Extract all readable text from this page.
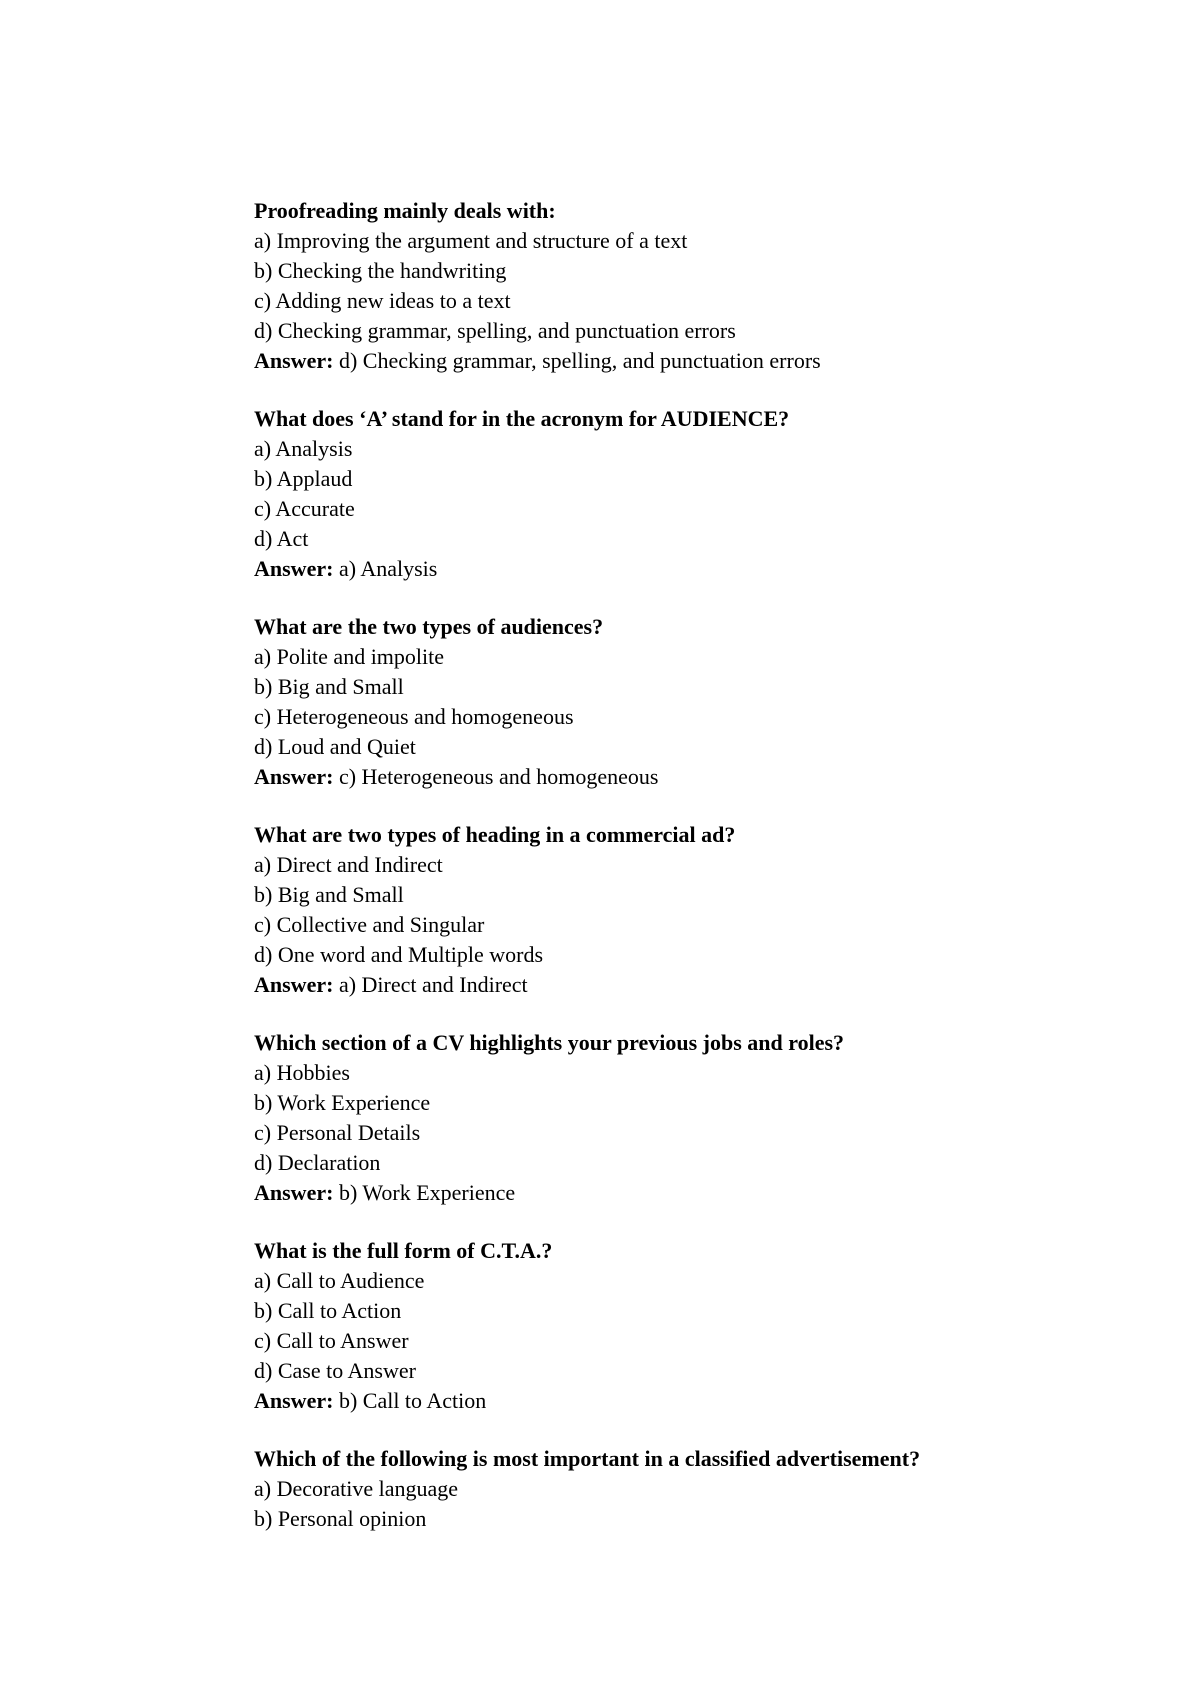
Proofreading mainly deals with:
a) Improving the argument and structure of a text
b) Checking the handwriting
c) Adding new ideas to a text
d) Checking grammar, spelling, and punctuation errors
Answer: d) Checking grammar, spelling, and punctuation errors
What does ‘A’ stand for in the acronym for AUDIENCE?
a) Analysis
b) Applaud
c) Accurate
d) Act
Answer: a) Analysis
What are the two types of audiences?
a) Polite and impolite
b) Big and Small
c) Heterogeneous and homogeneous
d) Loud and Quiet
Answer: c) Heterogeneous and homogeneous
What are two types of heading in a commercial ad?
a) Direct and Indirect
b) Big and Small
c) Collective and Singular
d) One word and Multiple words
Answer: a) Direct and Indirect
Which section of a CV highlights your previous jobs and roles?
a) Hobbies
b) Work Experience
c) Personal Details
d) Declaration
Answer: b) Work Experience
What is the full form of C.T.A.?
a) Call to Audience
b) Call to Action
c) Call to Answer
d) Case to Answer
Answer: b) Call to Action
Which of the following is most important in a classified advertisement?
a) Decorative language
b) Personal opinion
